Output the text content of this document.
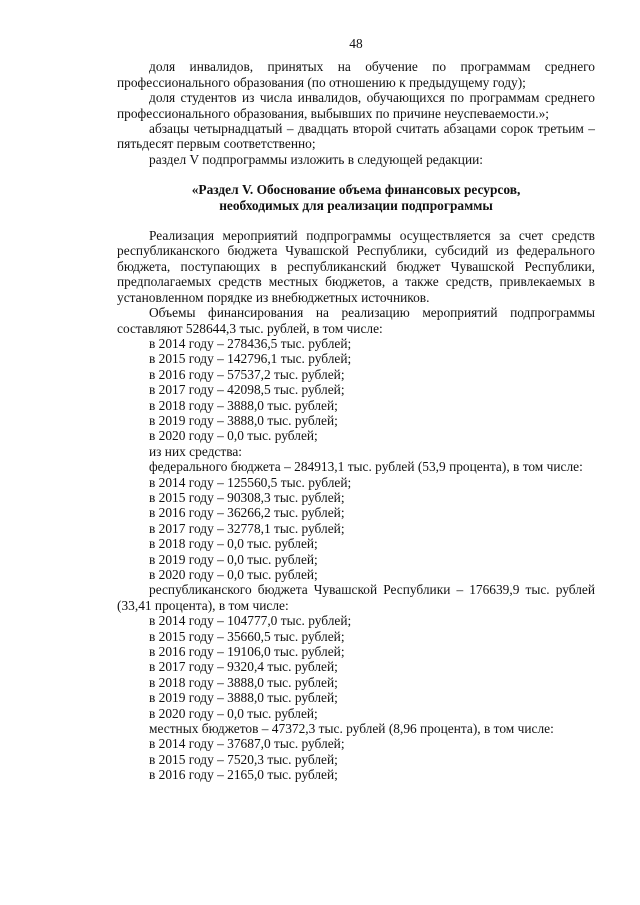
48

доля инвалидов, принятых на обучение по программам среднего профессионального образования (по отношению к предыдущему году);

доля студентов из числа инвалидов, обучающихся по программам среднего профессионального образования, выбывших по причине неуспеваемости.»;

абзацы четырнадцатый – двадцать второй считать абзацами сорок третьим – пятьдесят первым соответственно;

раздел V подпрограммы изложить в следующей редакции:

«Раздел V. Обоснование объема финансовых ресурсов,

необходимых для реализации подпрограммы

Реализация мероприятий подпрограммы осуществляется за счет средств республиканского бюджета Чувашской Республики, субсидий из федерального бюджета, поступающих в республиканский бюджет Чувашской Республики, предполагаемых средств местных бюджетов, а также средств, привлекаемых в установленном порядке из внебюджетных источников.

Объемы финансирования на реализацию мероприятий подпрограммы составляют 528644,3 тыс. рублей, в том числе:

в 2014 году – 278436,5 тыс. рублей;

в 2015 году – 142796,1 тыс. рублей;

в 2016 году – 57537,2 тыс. рублей;

в 2017 году – 42098,5 тыс. рублей;

в 2018 году – 3888,0 тыс. рублей;

в 2019 году – 3888,0 тыс. рублей;

в 2020 году – 0,0 тыс. рублей;

из них средства:

федерального бюджета – 284913,1 тыс. рублей (53,9 процента), в том числе:

в 2014 году – 125560,5 тыс. рублей;

в 2015 году – 90308,3 тыс. рублей;

в 2016 году – 36266,2 тыс. рублей;

в 2017 году – 32778,1 тыс. рублей;

в 2018 году – 0,0 тыс. рублей;

в 2019 году – 0,0 тыс. рублей;

в 2020 году – 0,0 тыс. рублей;

республиканского бюджета Чувашской Республики – 176639,9 тыс. рублей (33,41 процента), в том числе:

в 2014 году – 104777,0 тыс. рублей;

в 2015 году – 35660,5 тыс. рублей;

в 2016 году – 19106,0 тыс. рублей;

в 2017 году – 9320,4 тыс. рублей;

в 2018 году – 3888,0 тыс. рублей;

в 2019 году – 3888,0 тыс. рублей;

в 2020 году – 0,0 тыс. рублей;

местных бюджетов – 47372,3 тыс. рублей (8,96 процента), в том числе:

в 2014 году – 37687,0 тыс. рублей;

в 2015 году – 7520,3 тыс. рублей;

в 2016 году – 2165,0 тыс. рублей;
